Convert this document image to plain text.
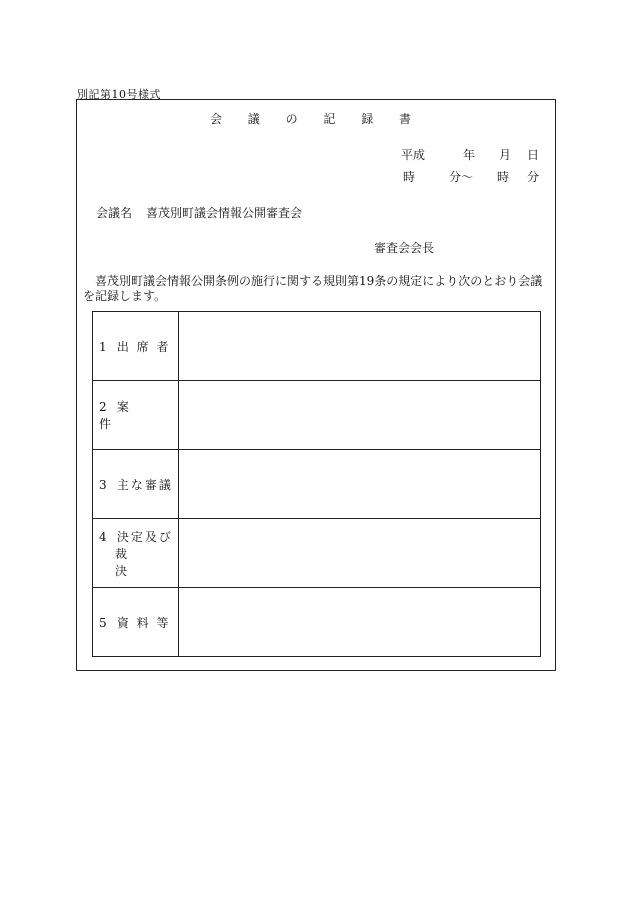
別記第10号様式
会 議 の 記 録 書
平成	年	月	日
時	分〜	時	分
会議名 喜茂別町議会情報公開審査会
審査会会長
喜茂別町議会情報公開条例の施行に関する規則第19条の規定により次のとおり会議を記録します。
1 出 席 者	
2 案 件	
3 主な審議	
4 決定及び
裁 決	

5 資 料 等	
